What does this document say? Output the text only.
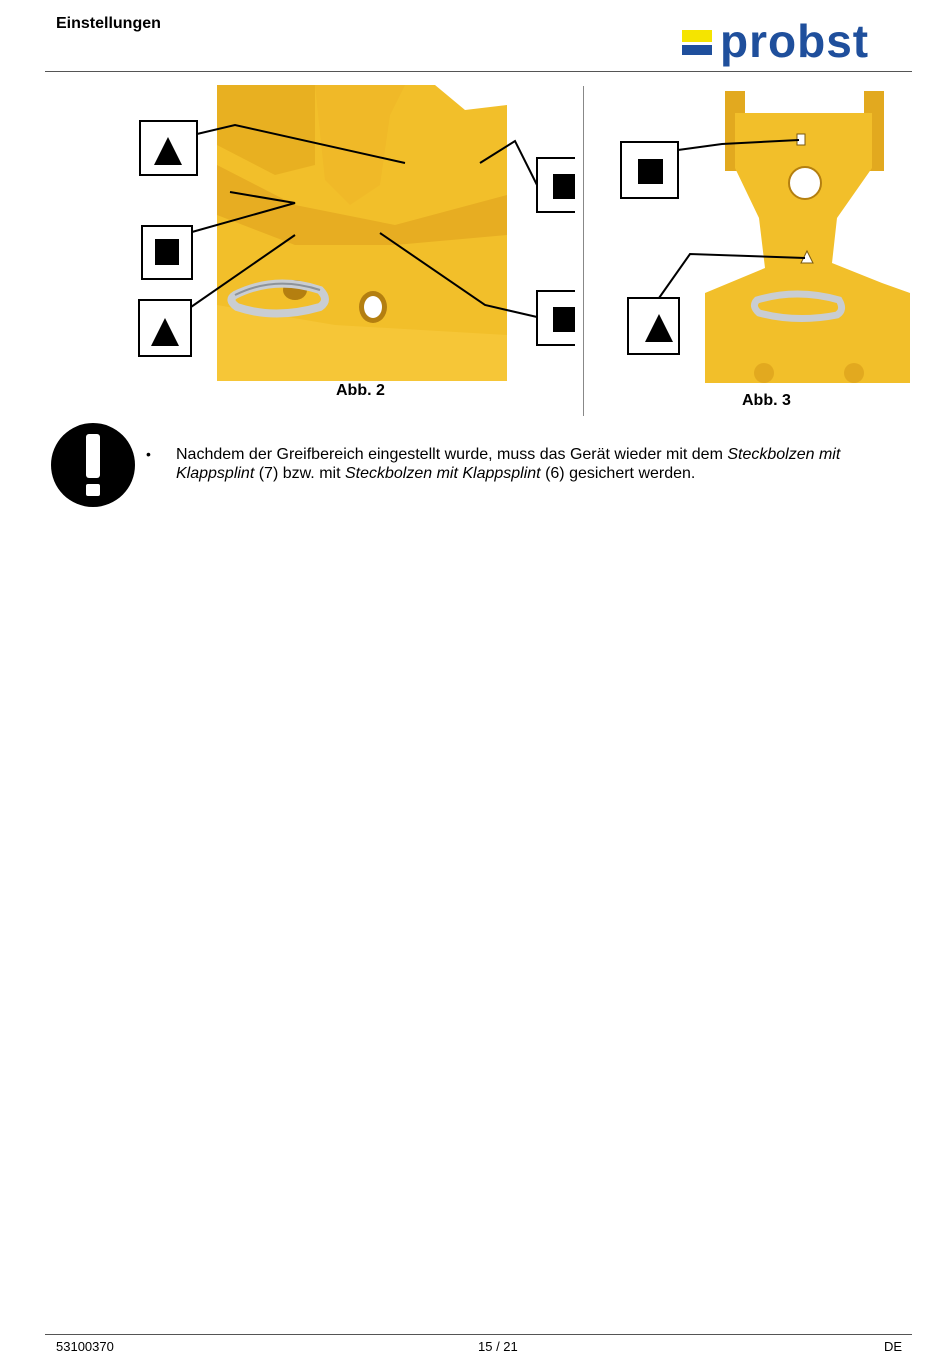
Einstellungen	probst
Abb. 2
Abb. 3
• Nachdem der Greifbereich eingestellt wurde, muss das Gerät wieder mit dem Steckbolzen mit Klappsplint (7) bzw. mit Steckbolzen mit Klappsplint (6) gesichert werden.
53100370	15 / 21	DE
